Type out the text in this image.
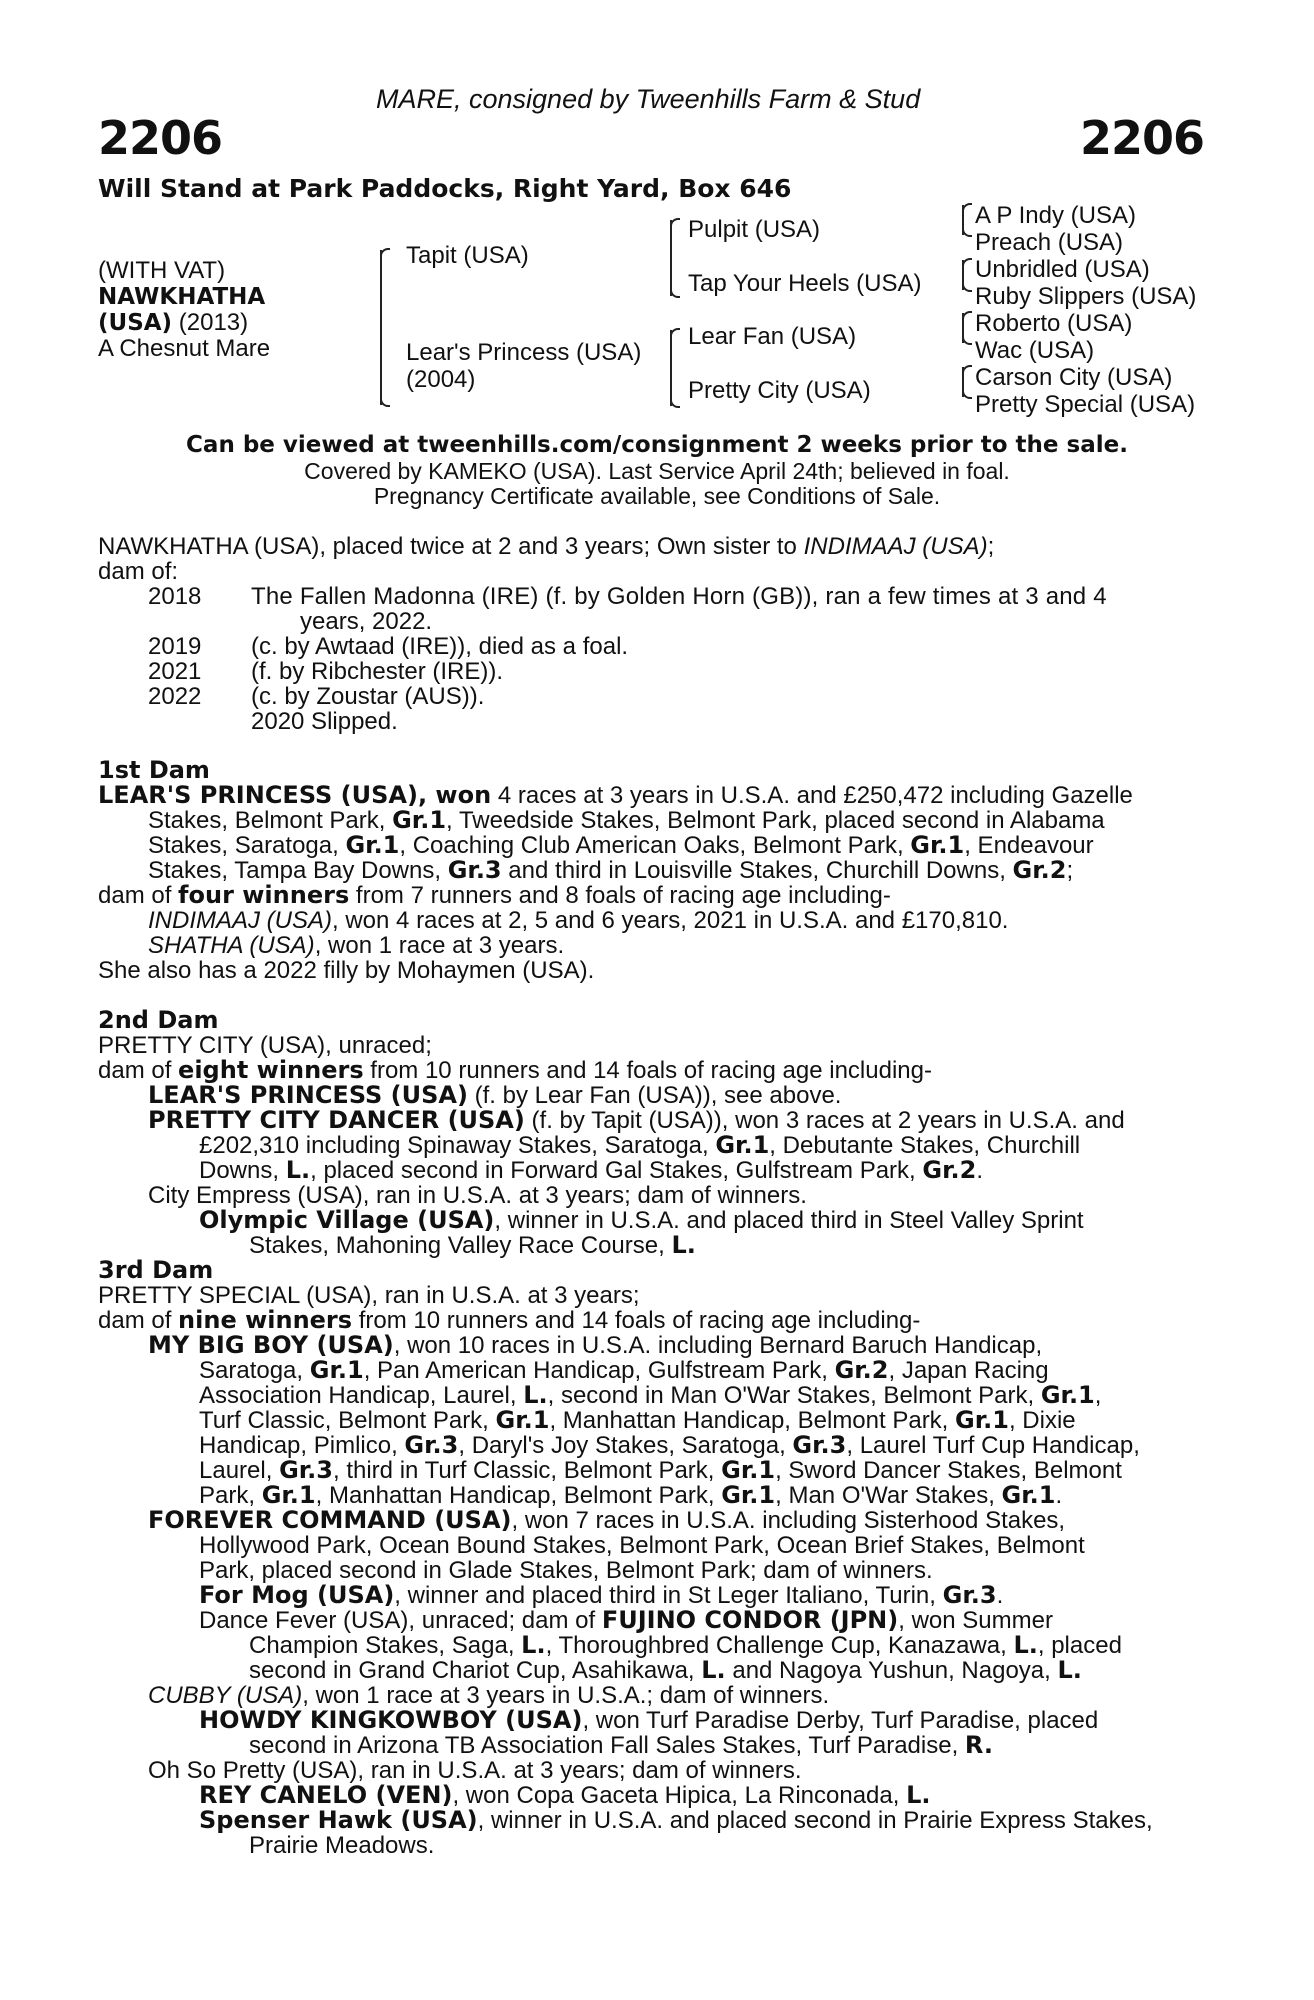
MARE, consigned by Tweenhills Farm & Stud
2206	2206
Will Stand at Park Paddocks, Right Yard, Box 646
(WITH VAT)
NAWKHATHA
(USA) (2013)
A Chesnut Mare
Tapit (USA)
Lear's Princess (USA)
(2004)
Pulpit (USA)
Tap Your Heels (USA)
Lear Fan (USA)
Pretty City (USA)
A P Indy (USA)
Preach (USA)
Unbridled (USA)
Ruby Slippers (USA)
Roberto (USA)
Wac (USA)
Carson City (USA)
Pretty Special (USA)
Can be viewed at tweenhills.com/consignment 2 weeks prior to the sale.
Covered by KAMEKO (USA). Last Service April 24th; believed in foal.
Pregnancy Certificate available, see Conditions of Sale.
NAWKHATHA (USA), placed twice at 2 and 3 years; Own sister to INDIMAAJ (USA);
dam of:
2018 The Fallen Madonna (IRE) (f. by Golden Horn (GB)), ran a few times at 3 and 4
years, 2022.
2019 (c. by Awtaad (IRE)), died as a foal.
2021 (f. by Ribchester (IRE)).
2022 (c. by Zoustar (AUS)).
2020 Slipped.
1st Dam
LEAR'S PRINCESS (USA), won 4 races at 3 years in U.S.A. and £250,472 including Gazelle
Stakes, Belmont Park, Gr.1, Tweedside Stakes, Belmont Park, placed second in Alabama
Stakes, Saratoga, Gr.1, Coaching Club American Oaks, Belmont Park, Gr.1, Endeavour
Stakes, Tampa Bay Downs, Gr.3 and third in Louisville Stakes, Churchill Downs, Gr.2;
dam of four winners from 7 runners and 8 foals of racing age including-
INDIMAAJ (USA), won 4 races at 2, 5 and 6 years, 2021 in U.S.A. and £170,810.
SHATHA (USA), won 1 race at 3 years.
She also has a 2022 filly by Mohaymen (USA).
2nd Dam
PRETTY CITY (USA), unraced;
dam of eight winners from 10 runners and 14 foals of racing age including-
LEAR'S PRINCESS (USA) (f. by Lear Fan (USA)), see above.
PRETTY CITY DANCER (USA) (f. by Tapit (USA)), won 3 races at 2 years in U.S.A. and
£202,310 including Spinaway Stakes, Saratoga, Gr.1, Debutante Stakes, Churchill
Downs, L., placed second in Forward Gal Stakes, Gulfstream Park, Gr.2.
City Empress (USA), ran in U.S.A. at 3 years; dam of winners.
Olympic Village (USA), winner in U.S.A. and placed third in Steel Valley Sprint
Stakes, Mahoning Valley Race Course, L.
3rd Dam
PRETTY SPECIAL (USA), ran in U.S.A. at 3 years;
dam of nine winners from 10 runners and 14 foals of racing age including-
MY BIG BOY (USA), won 10 races in U.S.A. including Bernard Baruch Handicap,
Saratoga, Gr.1, Pan American Handicap, Gulfstream Park, Gr.2, Japan Racing
Association Handicap, Laurel, L., second in Man O'War Stakes, Belmont Park, Gr.1,
Turf Classic, Belmont Park, Gr.1, Manhattan Handicap, Belmont Park, Gr.1, Dixie
Handicap, Pimlico, Gr.3, Daryl's Joy Stakes, Saratoga, Gr.3, Laurel Turf Cup Handicap,
Laurel, Gr.3, third in Turf Classic, Belmont Park, Gr.1, Sword Dancer Stakes, Belmont
Park, Gr.1, Manhattan Handicap, Belmont Park, Gr.1, Man O'War Stakes, Gr.1.
FOREVER COMMAND (USA), won 7 races in U.S.A. including Sisterhood Stakes,
Hollywood Park, Ocean Bound Stakes, Belmont Park, Ocean Brief Stakes, Belmont
Park, placed second in Glade Stakes, Belmont Park; dam of winners.
For Mog (USA), winner and placed third in St Leger Italiano, Turin, Gr.3.
Dance Fever (USA), unraced; dam of FUJINO CONDOR (JPN), won Summer
Champion Stakes, Saga, L., Thoroughbred Challenge Cup, Kanazawa, L., placed
second in Grand Chariot Cup, Asahikawa, L. and Nagoya Yushun, Nagoya, L.
CUBBY (USA), won 1 race at 3 years in U.S.A.; dam of winners.
HOWDY KINGKOWBOY (USA), won Turf Paradise Derby, Turf Paradise, placed
second in Arizona TB Association Fall Sales Stakes, Turf Paradise, R.
Oh So Pretty (USA), ran in U.S.A. at 3 years; dam of winners.
REY CANELO (VEN), won Copa Gaceta Hipica, La Rinconada, L.
Spenser Hawk (USA), winner in U.S.A. and placed second in Prairie Express Stakes,
Prairie Meadows.
